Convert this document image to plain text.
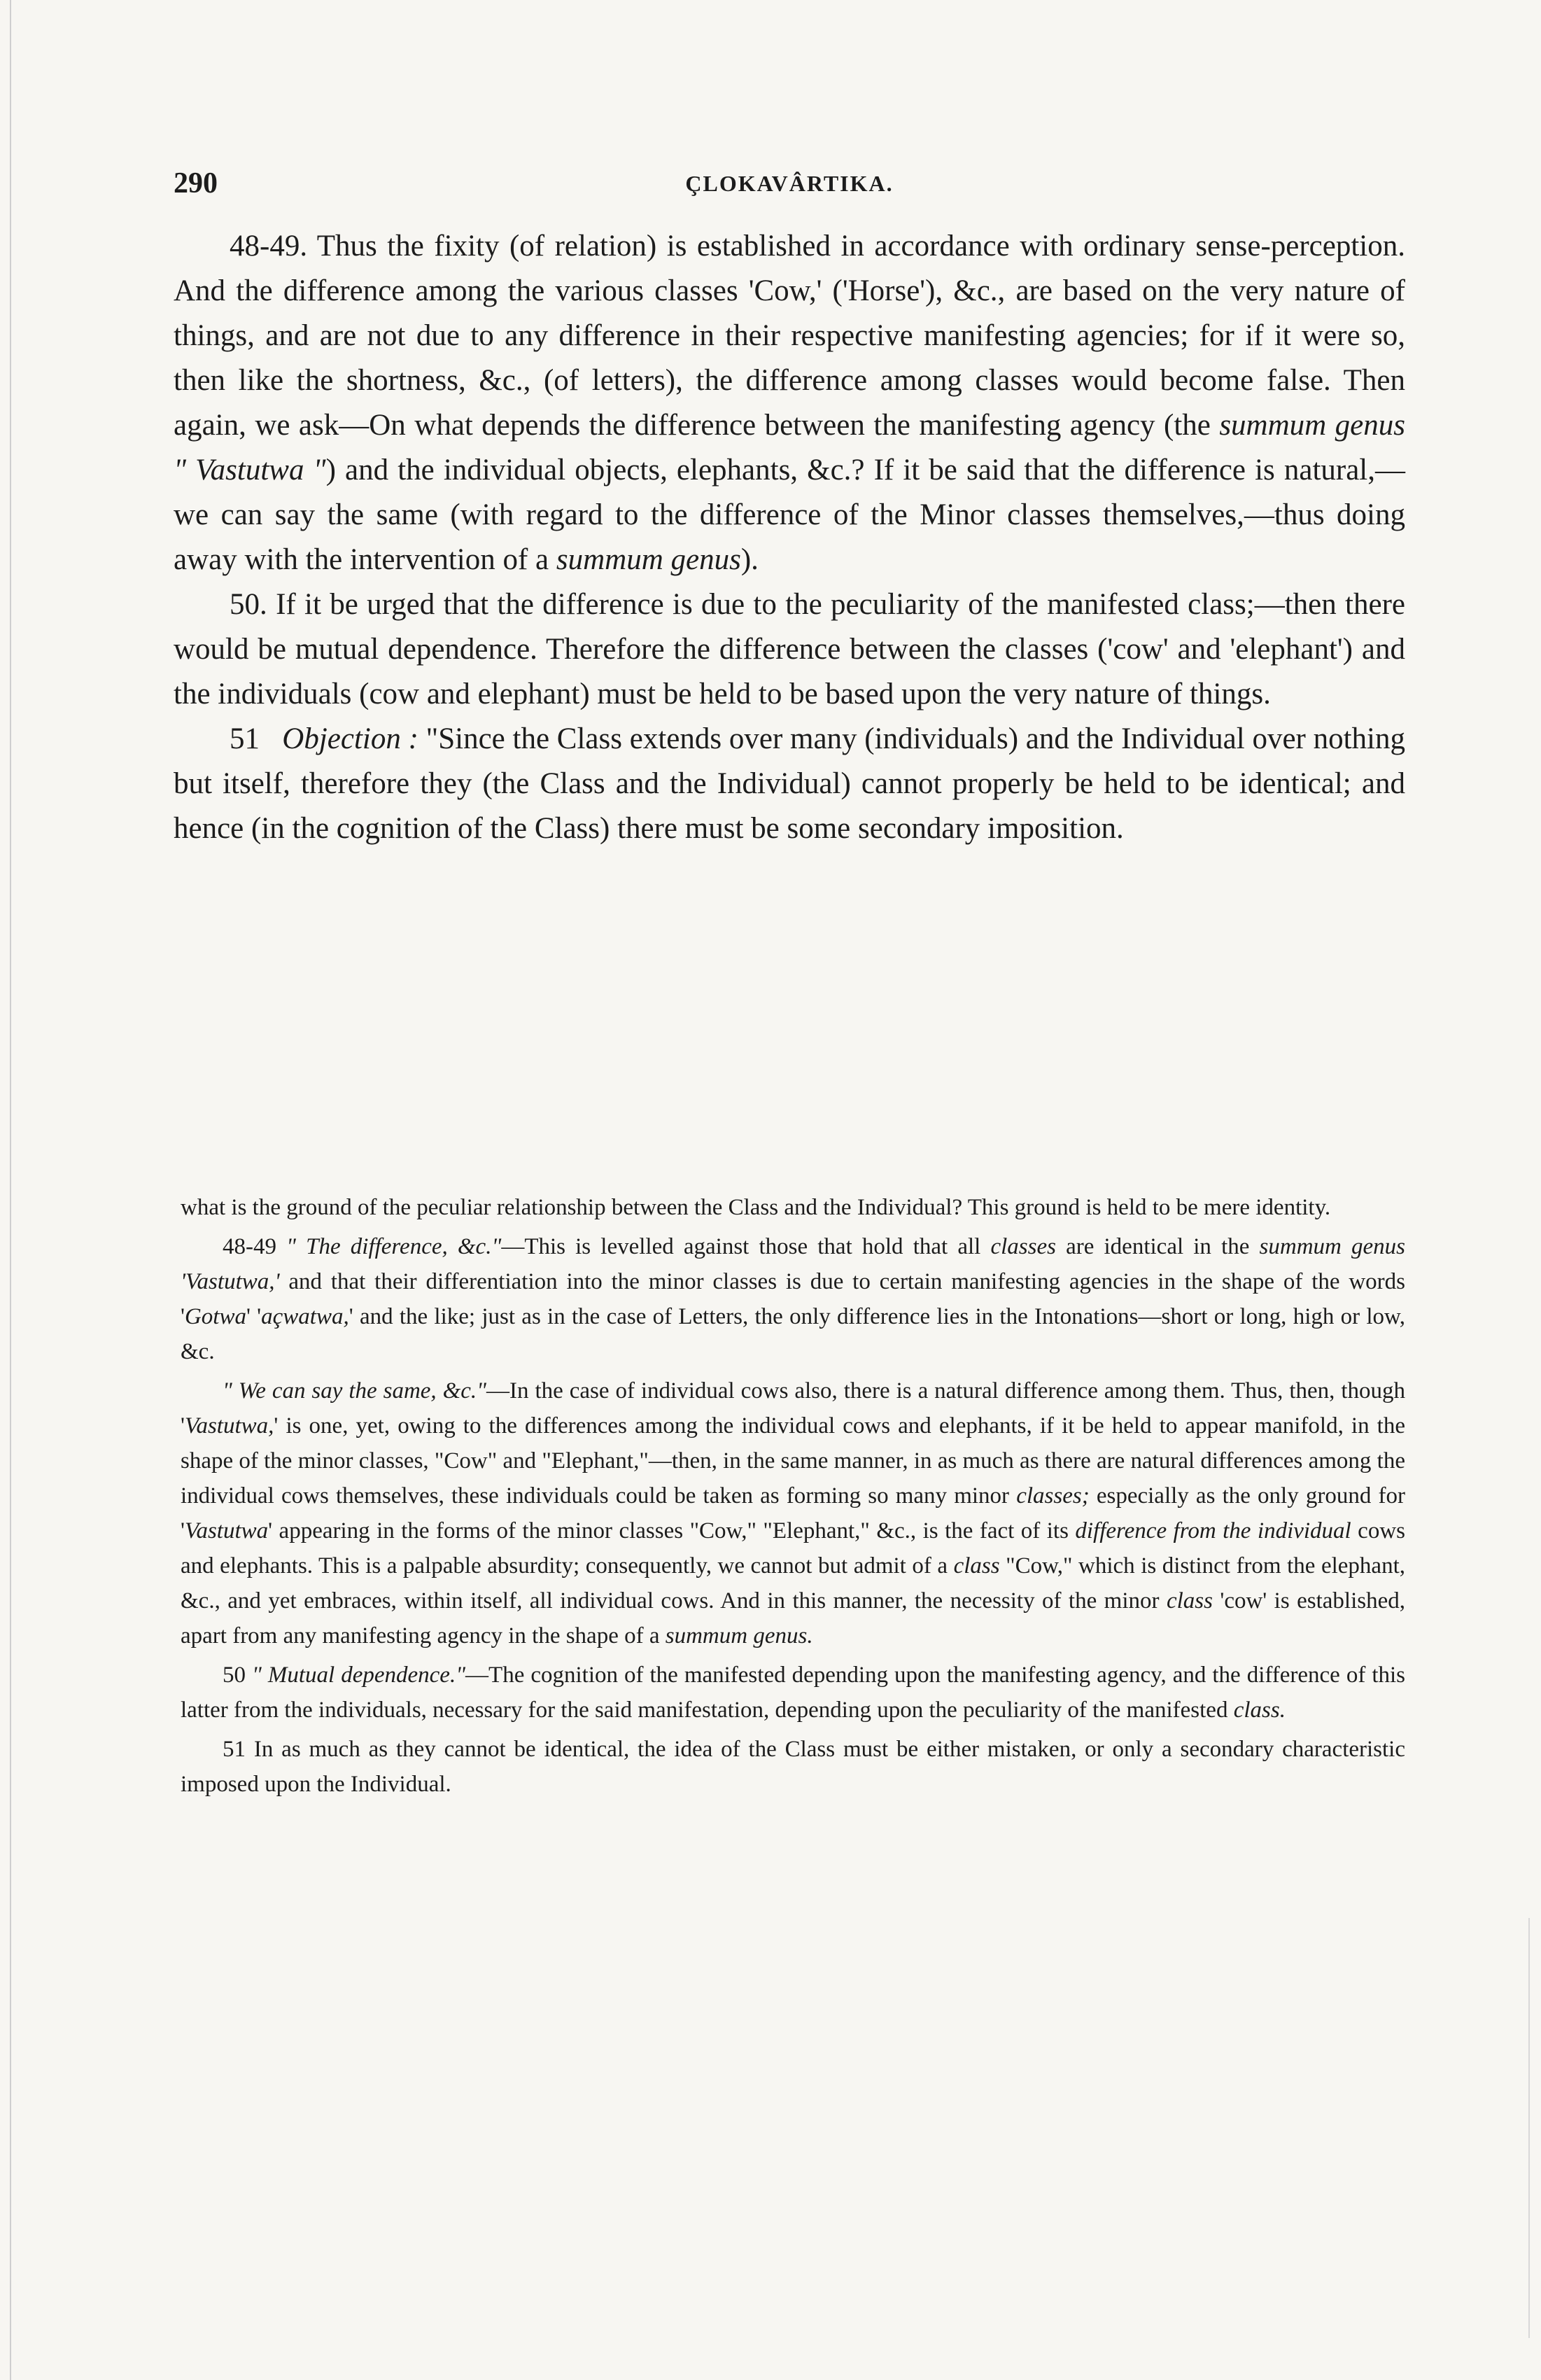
290	ÇLOKAVÂRTIKA.

48-49. Thus the fixity (of relation) is established in accordance with ordinary sense-perception. And the difference among the various classes 'Cow,' ('Horse'), &c., are based on the very nature of things, and are not due to any difference in their respective manifesting agencies; for if it were so, then like the shortness, &c., (of letters), the difference among classes would become false. Then again, we ask—On what depends the difference between the manifesting agency (the summum genus " Vastutwa ") and the individual objects, elephants, &c.? If it be said that the difference is natural,—we can say the same (with regard to the difference of the Minor classes themselves,—thus doing away with the intervention of a summum genus).

50. If it be urged that the difference is due to the peculiarity of the manifested class;—then there would be mutual dependence. Therefore the difference between the classes ('cow' and 'elephant') and the individuals (cow and elephant) must be held to be based upon the very nature of things.

51 Objection : "Since the Class extends over many (individuals) and the Individual over nothing but itself, therefore they (the Class and the Individual) cannot properly be held to be identical; and hence (in the cognition of the Class) there must be some secondary imposition.

what is the ground of the peculiar relationship between the Class and the Individual? This ground is held to be mere identity.

48-49 " The difference, &c."—This is levelled against those that hold that all classes are identical in the summum genus 'Vastutwa,' and that their differentiation into the minor classes is due to certain manifesting agencies in the shape of the words 'Gotwa' 'açwatwa,' and the like; just as in the case of Letters, the only difference lies in the Intonations—short or long, high or low, &c.

" We can say the same, &c."—In the case of individual cows also, there is a natural difference among them. Thus, then, though 'Vastutwa,' is one, yet, owing to the differences among the individual cows and elephants, if it be held to appear manifold, in the shape of the minor classes, "Cow" and "Elephant,"—then, in the same manner, in as much as there are natural differences among the individual cows themselves, these individuals could be taken as forming so many minor classes; especially as the only ground for 'Vastutwa' appearing in the forms of the minor classes "Cow," "Elephant," &c., is the fact of its difference from the individual cows and elephants. This is a palpable absurdity; consequently, we cannot but admit of a class "Cow," which is distinct from the elephant, &c., and yet embraces, within itself, all individual cows. And in this manner, the necessity of the minor class 'cow' is established, apart from any manifesting agency in the shape of a summum genus.

50 " Mutual dependence."—The cognition of the manifested depending upon the manifesting agency, and the difference of this latter from the individuals, necessary for the said manifestation, depending upon the peculiarity of the manifested class.

51 In as much as they cannot be identical, the idea of the Class must be either mistaken, or only a secondary characteristic imposed upon the Individual.
